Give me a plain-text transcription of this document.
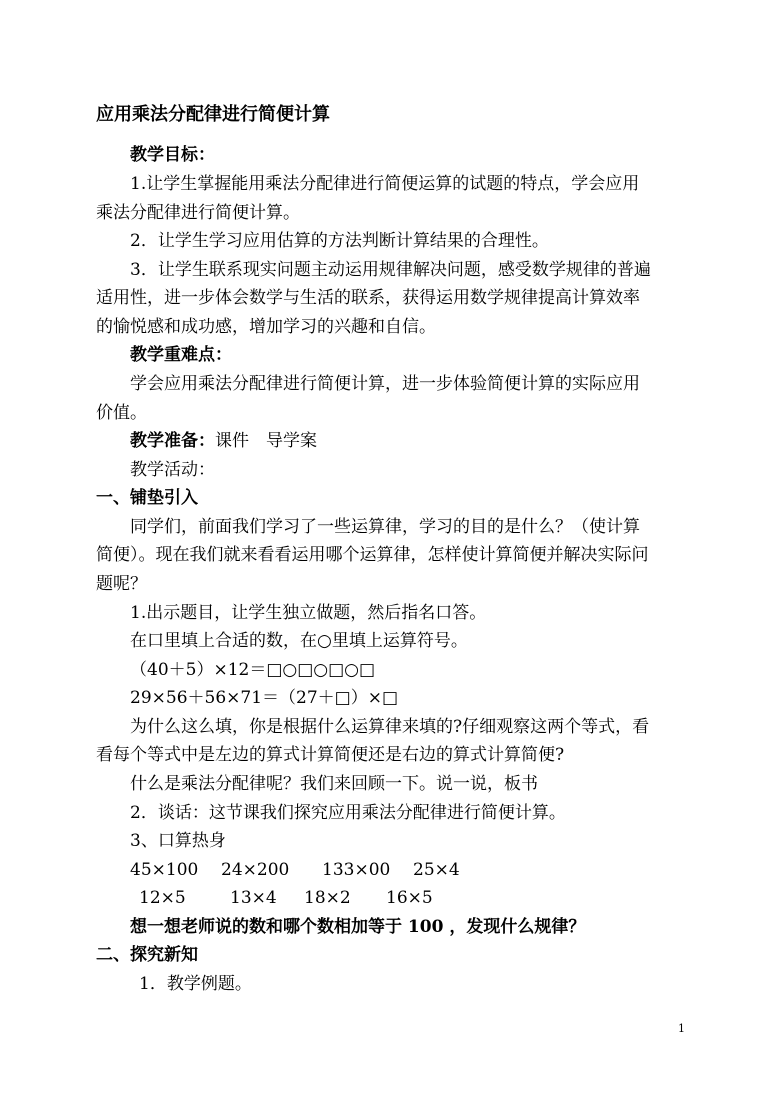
应用乘法分配律进行简便计算
教学目标：
1.让学生掌握能用乘法分配律进行简便运算的试题的特点，学会应用
乘法分配律进行简便计算。
2．让学生学习应用估算的方法判断计算结果的合理性。
3．让学生联系现实问题主动运用规律解决问题，感受数学规律的普遍
适用性，进一步体会数学与生活的联系，获得运用数学规律提高计算效率
的愉悦感和成功感，增加学习的兴趣和自信。
教学重难点：
学会应用乘法分配律进行简便计算，进一步体验简便计算的实际应用
价值。
教学准备：课件　导学案
教学活动：
一、铺垫引入
同学们，前面我们学习了一些运算律，学习的目的是什么？（使计算
简便）。现在我们就来看看运用哪个运算律，怎样使计算简便并解决实际问
题呢？
1.出示题目，让学生独立做题，然后指名口答。
在口里填上合适的数，在○里填上运算符号。
（40＋5）×12＝□○□○□○□
29×56＋56×71＝（27＋□）×□
为什么这么填，你是根据什么运算律来填的?仔细观察这两个等式，看
看每个等式中是左边的算式计算简便还是右边的算式计算简便?
什么是乘法分配律呢？我们来回顾一下。说一说，板书
2．谈话：这节课我们探究应用乘法分配律进行简便计算。
3、口算热身
45×100 24×200 133×00 25×4
12×5	13×4 18×2 16×5
想一想老师说的数和哪个数相加等于 100 ，发现什么规律？
二、探究新知
1．教学例题。
1
